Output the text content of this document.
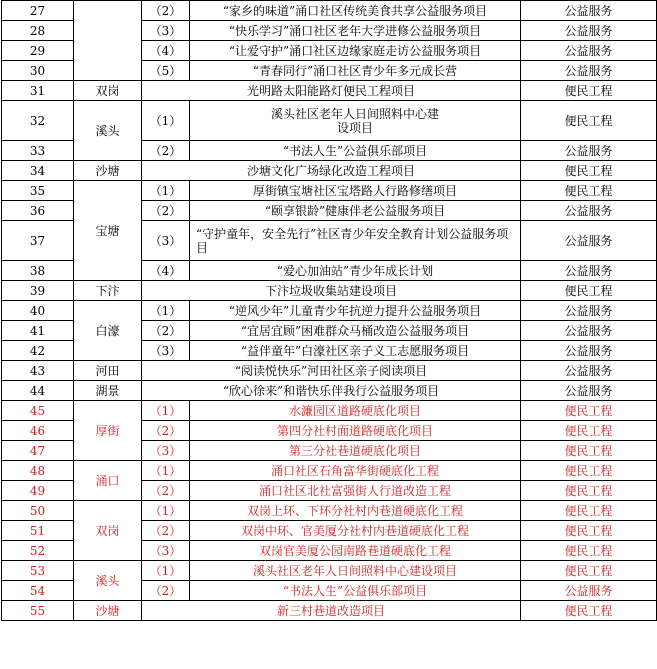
27		（2）	“家乡的味道”涌口社区传统美食共享公益服务项目	公益服务
28		（3）	“快乐学习”涌口社区老年大学进修公益服务项目	公益服务
29		（4）	“让爱守护”涌口社区边缘家庭走访公益服务项目	公益服务
30		（5）	“青春同行”涌口社区青少年多元成长营	公益服务
31	双岗	光明路太阳能路灯便民工程项目		便民工程
32	溪头	（1）	溪头社区老年人日间照料中心建设项目	便民工程
33		（2）	“书法人生”公益俱乐部项目	公益服务
34	沙塘	沙塘文化广场绿化改造工程项目		便民工程
35	宝塘	（1）	厚街镇宝塘社区宝塔路人行路修缮项目	便民工程
36		（2）	“颐享银龄”健康伴老公益服务项目	公益服务
37		（3）	“守护童年，安全先行”社区青少年安全教育计划公益服务项目	公益服务
38		（4）	“爱心加油站”青少年成长计划	公益服务
39	下汴	下汴垃圾收集站建设项目		便民工程
40	白濠	（1）	“逆风少年”儿童青少年抗逆力提升公益服务项目	公益服务
41		（2）	“宜居宜顾”困难群众马桶改造公益服务项目	公益服务
42		（3）	“益伴童年”白濠社区亲子义工志愿服务项目	公益服务
43	河田	“阅读悦快乐”河田社区亲子阅读项目		公益服务
44	湖景	“欣心徐来”和谐快乐伴我行公益服务项目		公益服务
45	厚街	（1）	水濂园区道路硬底化项目	便民工程
46		（2）	第四分社村面道路硬底化项目	便民工程
47		（3）	第三分社巷道硬底化项目	便民工程
48	涌口	（1）	涌口社区石角富华街硬底化工程	便民工程
49		（2）	涌口社区北社富强街人行道改造工程	便民工程
50	双岗	（1）	双岗上环、下环分社村内巷道硬底化工程	便民工程
51		（2）	双岗中环、官美厦分社村内巷道硬底化工程	便民工程
52		（3）	双岗官美厦公园南路巷道硬底化工程	便民工程
53	溪头	（1）	溪头社区老年人日间照料中心建设项目	便民工程
54		（2）	“书法人生”公益俱乐部项目	公益服务
55	沙塘	新三村巷道改造项目		便民工程
